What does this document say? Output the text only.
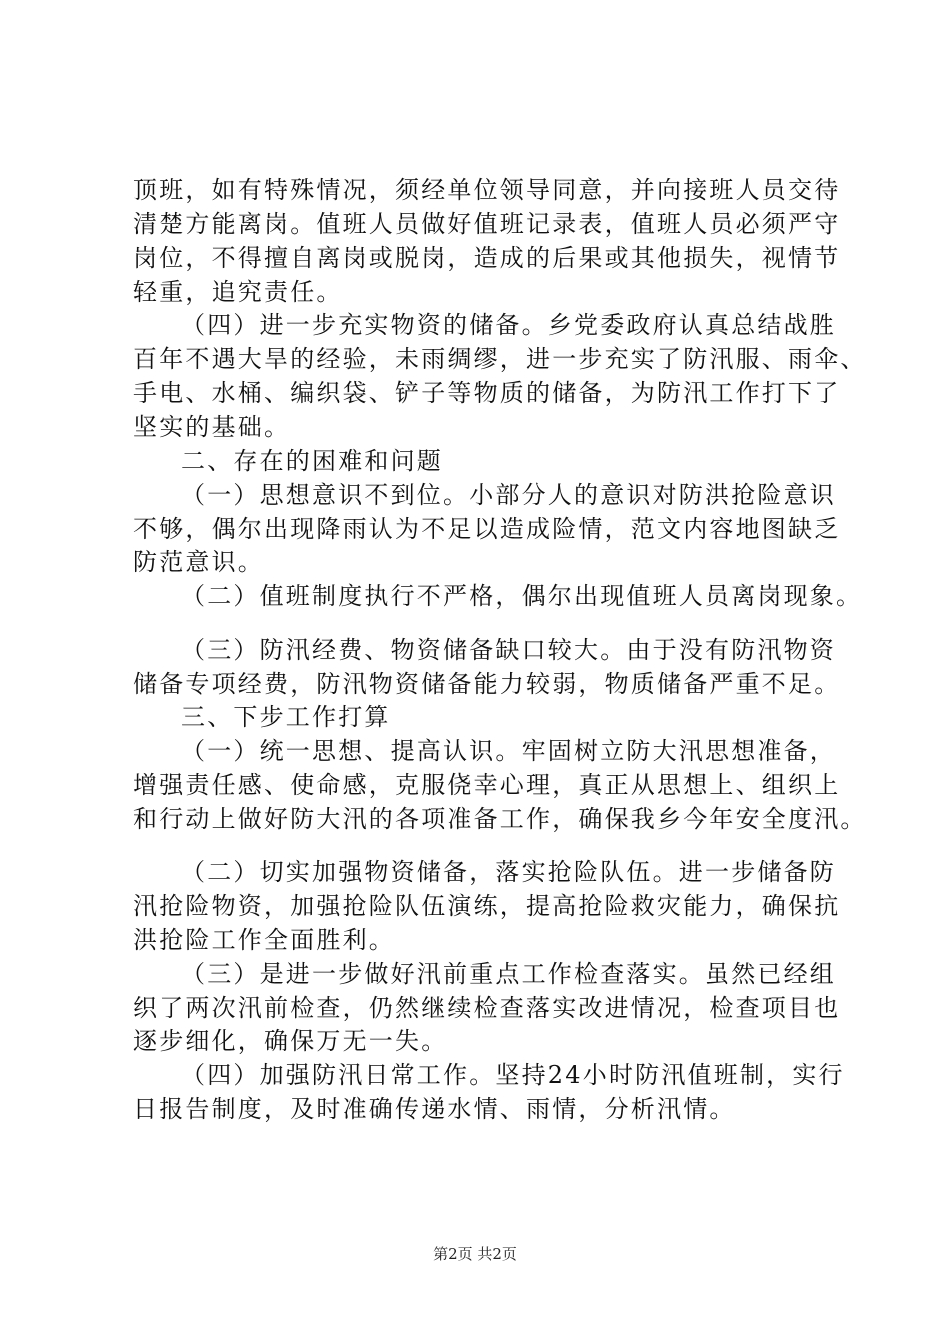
顶班，如有特殊情况，须经单位领导同意，并向接班人员交待
清楚方能离岗。值班人员做好值班记录表，值班人员必须严守
岗位，不得擅自离岗或脱岗，造成的后果或其他损失，视情节
轻重，追究责任。
（四）进一步充实物资的储备。乡党委政府认真总结战胜
百年不遇大旱的经验，未雨绸缪，进一步充实了防汛服、雨伞、
手电、水桶、编织袋、铲子等物质的储备，为防汛工作打下了
坚实的基础。
二、存在的困难和问题
（一）思想意识不到位。小部分人的意识对防洪抢险意识
不够，偶尔出现降雨认为不足以造成险情，范文内容地图缺乏
防范意识。
（二）值班制度执行不严格，偶尔出现值班人员离岗现象。
（三）防汛经费、物资储备缺口较大。由于没有防汛物资
储备专项经费，防汛物资储备能力较弱，物质储备严重不足。
三、下步工作打算
（一）统一思想、提高认识。牢固树立防大汛思想准备，
增强责任感、使命感，克服侥幸心理，真正从思想上、组织上
和行动上做好防大汛的各项准备工作，确保我乡今年安全度汛。
（二）切实加强物资储备，落实抢险队伍。进一步储备防
汛抢险物资，加强抢险队伍演练，提高抢险救灾能力，确保抗
洪抢险工作全面胜利。
（三）是进一步做好汛前重点工作检查落实。虽然已经组
织了两次汛前检查，仍然继续检查落实改进情况，检查项目也
逐步细化，确保万无一失。
（四）加强防汛日常工作。坚持24小时防汛值班制，实行
日报告制度，及时准确传递水情、雨情，分析汛情。
第2页 共2页
